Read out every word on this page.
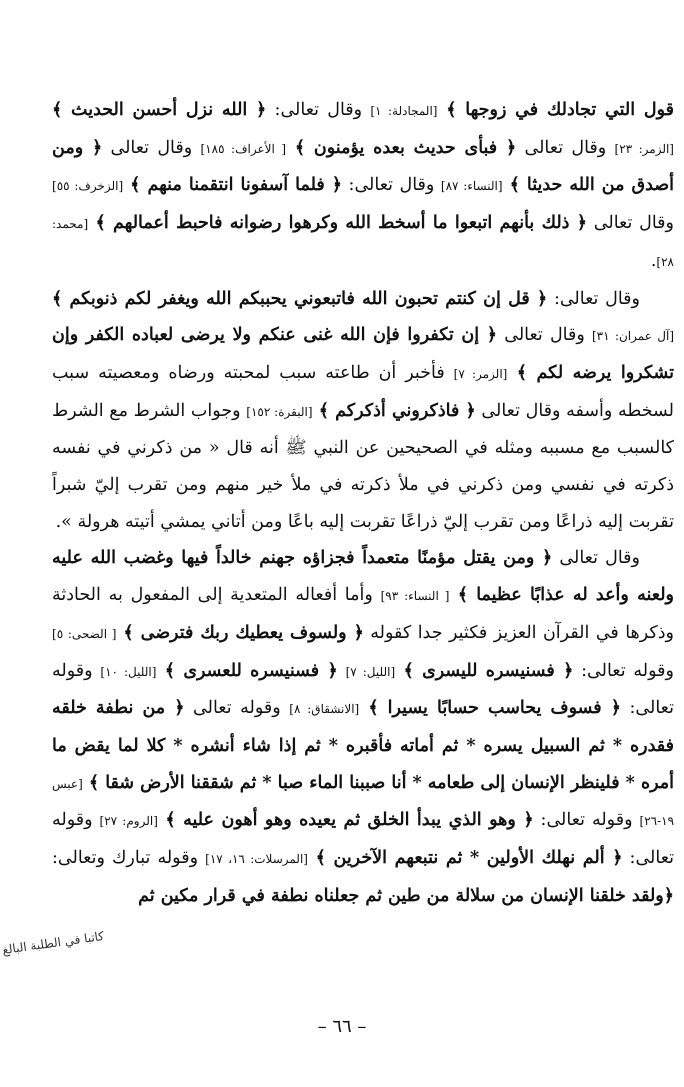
قول التي تجادلك في زوجها ﴾ [المجادلة: ١] وقال تعالى: ﴿ الله نزل أحسن الحديث ﴾ [الزمر: ٢٣] وقال تعالى ﴿ فبأى حديث بعده يؤمنون ﴾ [ الأعراف: ١٨٥] وقال تعالى ﴿ ومن أصدق من الله حديثا ﴾ [النساء: ٨٧] وقال تعالى: ﴿ فلما آسفونا انتقمنا منهم ﴾ [الزخرف: ٥٥] وقال تعالى ﴿ ذلك بأنهم اتبعوا ما أسخط الله وكرهوا رضوانه فاحبط أعمالهم ﴾ [محمد: ٢٨].

وقال تعالى: ﴿ قل إن كنتم تحبون الله فاتبعوني يحببكم الله ويغفر لكم ذنوبكم ﴾ [آل عمران: ٣١] وقال تعالى ﴿ إن تكفروا فإن الله غنى عنكم ولا يرضى لعباده الكفر وإن تشكروا يرضه لكم ﴾ [الزمر: ٧] فأخبر أن طاعته سبب لمحبته ورضاه ومعصيته سبب لسخطه وأسفه وقال تعالى ﴿ فاذكروني أذكركم ﴾ [البقرة: ١٥٢] وجواب الشرط مع الشرط كالسبب مع مسببه ومثله في الصحيحين عن النبي ﷺ أنه قال « من ذكرني في نفسه ذكرته في نفسي ومن ذكرني في ملأ ذكرته في ملأ خير منهم ومن تقرب إليّ شبراً تقربت إليه ذراعًا ومن تقرب إليّ ذراعًا تقربت إليه باعًا ومن أتاني يمشي أتيته هرولة ».

وقال تعالى ﴿ ومن يقتل مؤمنًا متعمداً فجزاؤه جهنم خالداً فيها وغضب الله عليه ولعنه وأعد له عذابًا عظيما ﴾ [ النساء: ٩٣] وأما أفعاله المتعدية إلى المفعول به الحادثة وذكرها في القرآن العزيز فكثير جدا كقوله ﴿ ولسوف يعطيك ربك فترضى ﴾ [ الضحى: ٥] وقوله تعالى: ﴿ فسنيسره لليسرى ﴾ [الليل: ٧] ﴿ فسنيسره للعسرى ﴾ [الليل: ١٠] وقوله تعالى: ﴿ فسوف يحاسب حسابًا يسيرا ﴾ [الانشقاق: ٨] وقوله تعالى ﴿ من نطفة خلقه فقدره * ثم السبيل يسره * ثم أماته فأقبره * ثم إذا شاء أنشره * كلا لما يقض ما أمره * فلينظر الإنسان إلى طعامه * أنا صببنا الماء صبا * ثم شققنا الأرض شقا ﴾ [عبس ١٩-٢٦] وقوله تعالى: ﴿ وهو الذي يبدأ الخلق ثم يعيده وهو أهون عليه ﴾ [الروم: ٢٧] وقوله تعالى: ﴿ ألم نهلك الأولين * ثم نتبعهم الآخرين ﴾ [المرسلات: ١٦، ١٧] وقوله تبارك وتعالى: ﴿ولقد خلقنا الإنسان من سلالة من طين ثم جعلناه نطفة في قرار مكين ثم

كاتبا في الطلبة البالغ
– ٦٦ –
